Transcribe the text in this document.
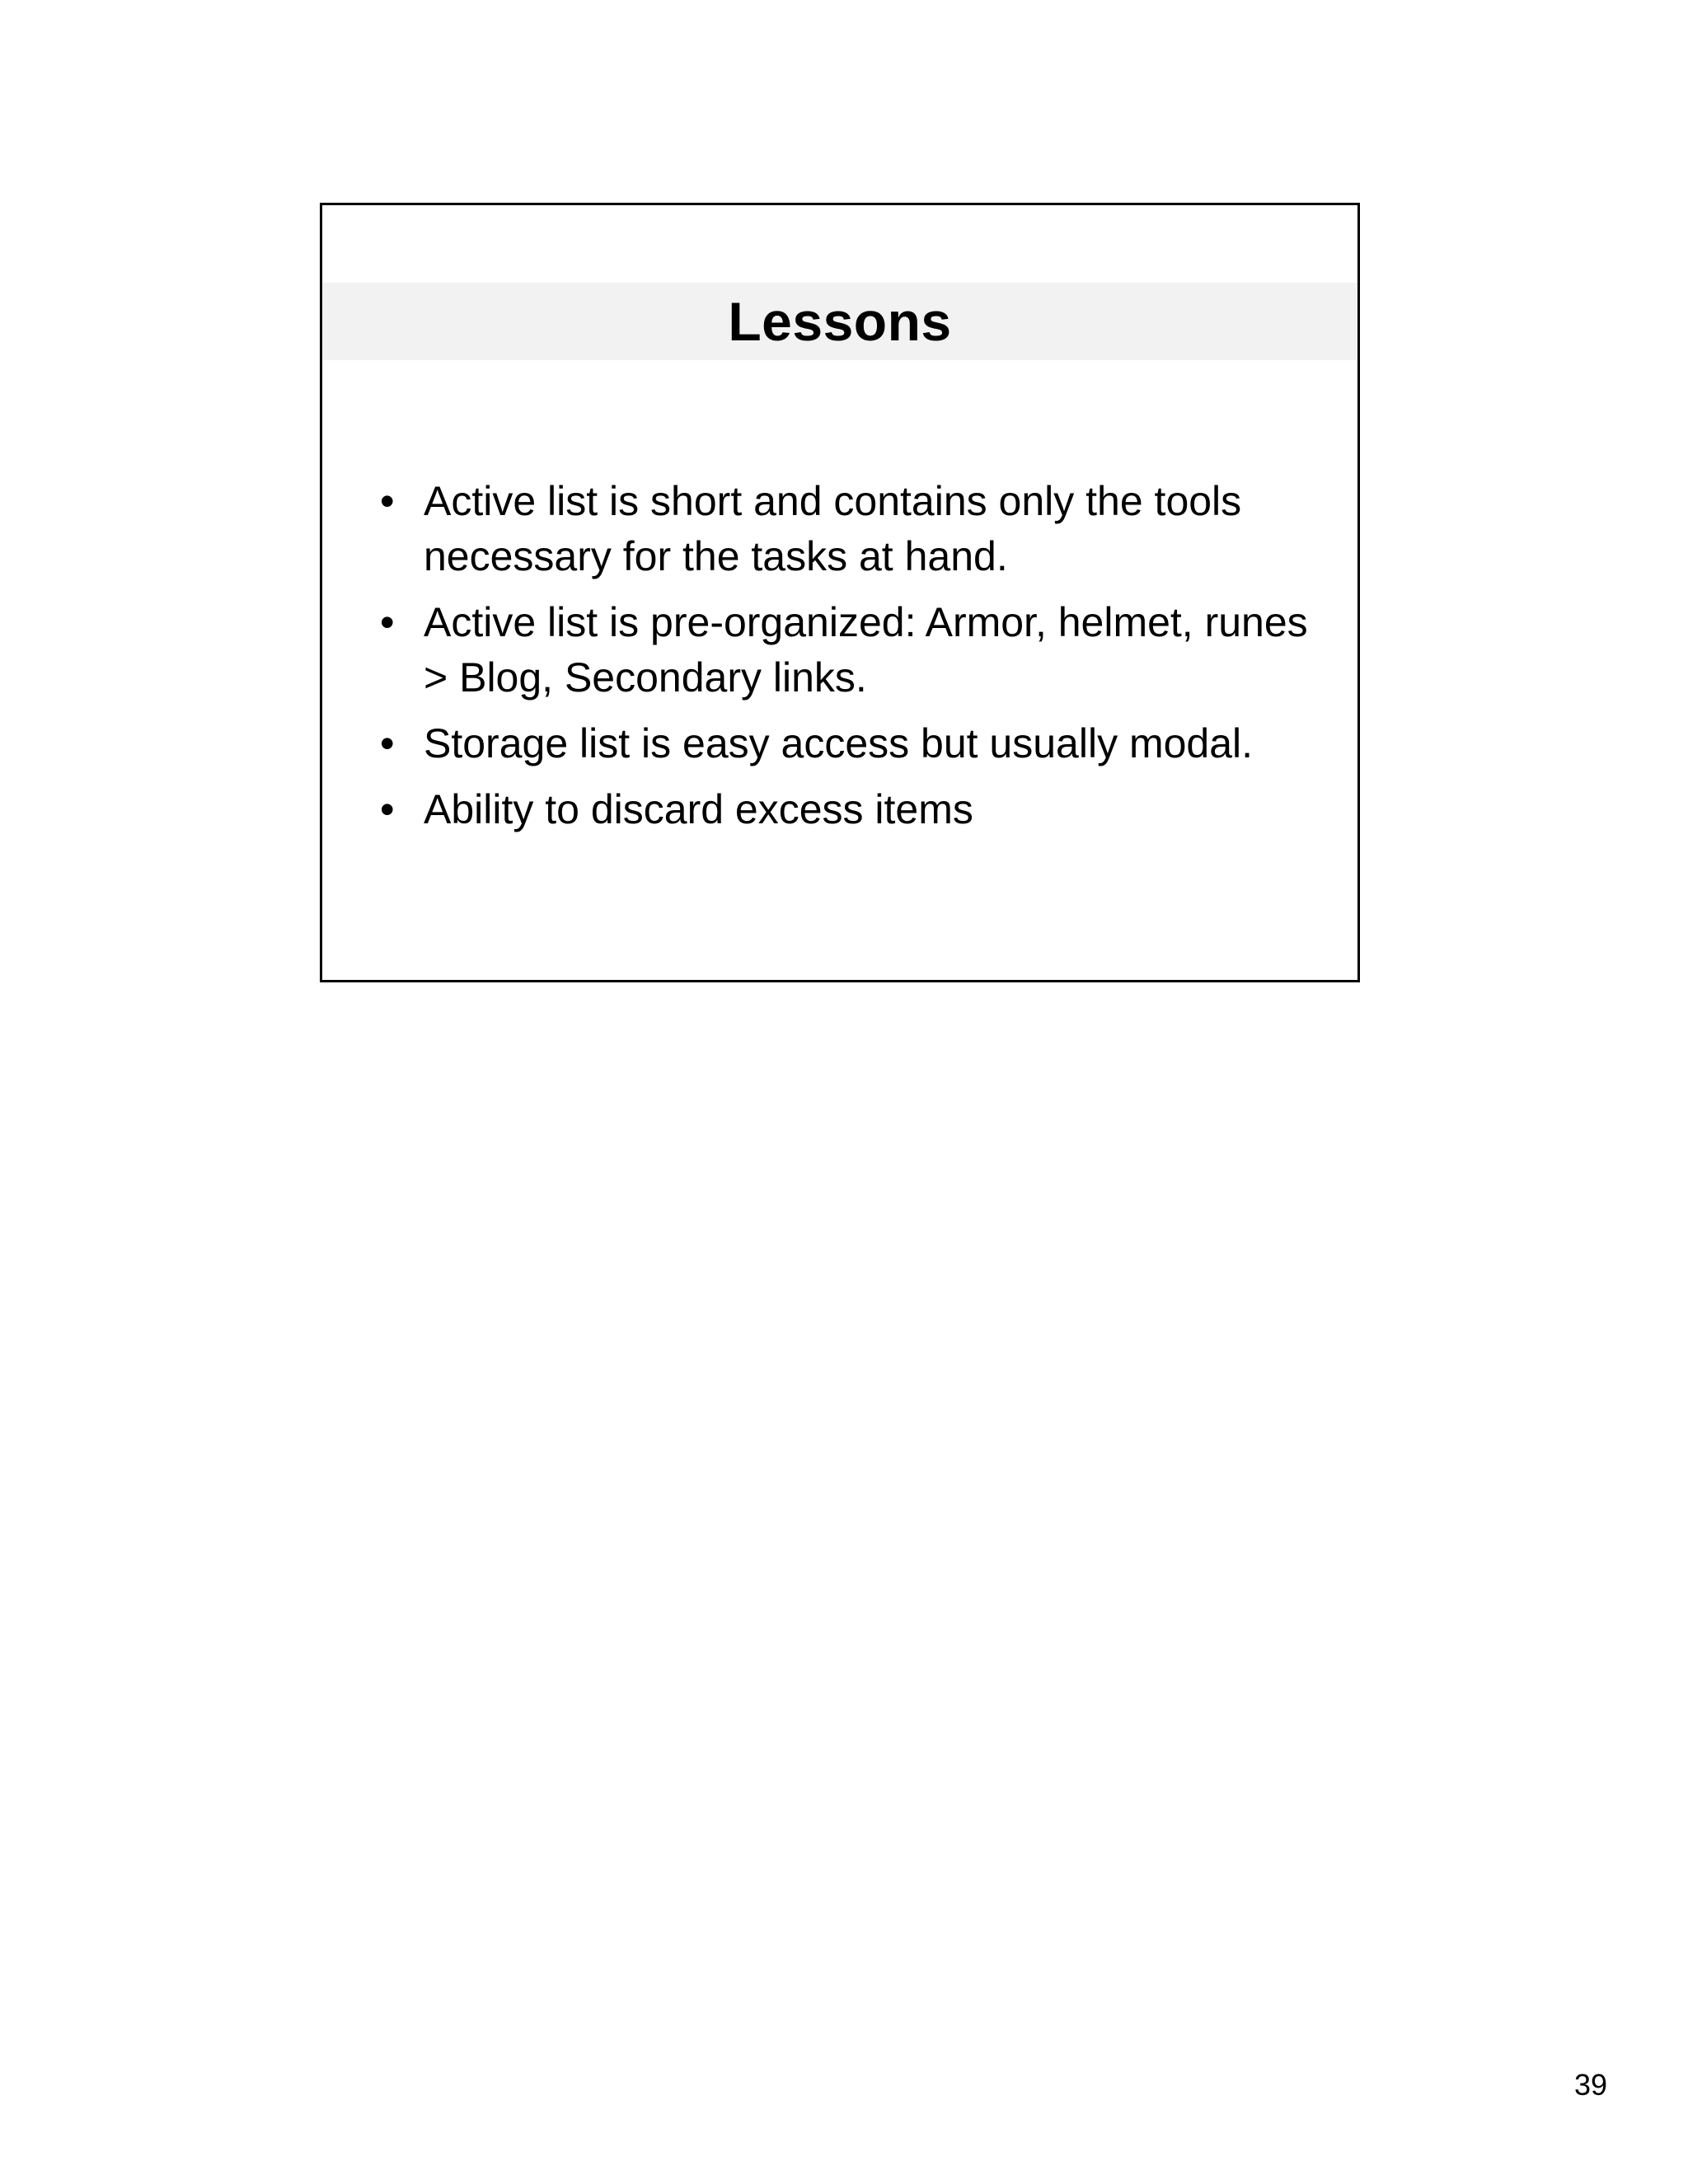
Lessons
• Active list is short and contains only the tools necessary for the tasks at hand.
• Active list is pre-organized: Armor, helmet, runes > Blog, Secondary links.
• Storage list is easy access but usually modal.
• Ability to discard excess items
39
